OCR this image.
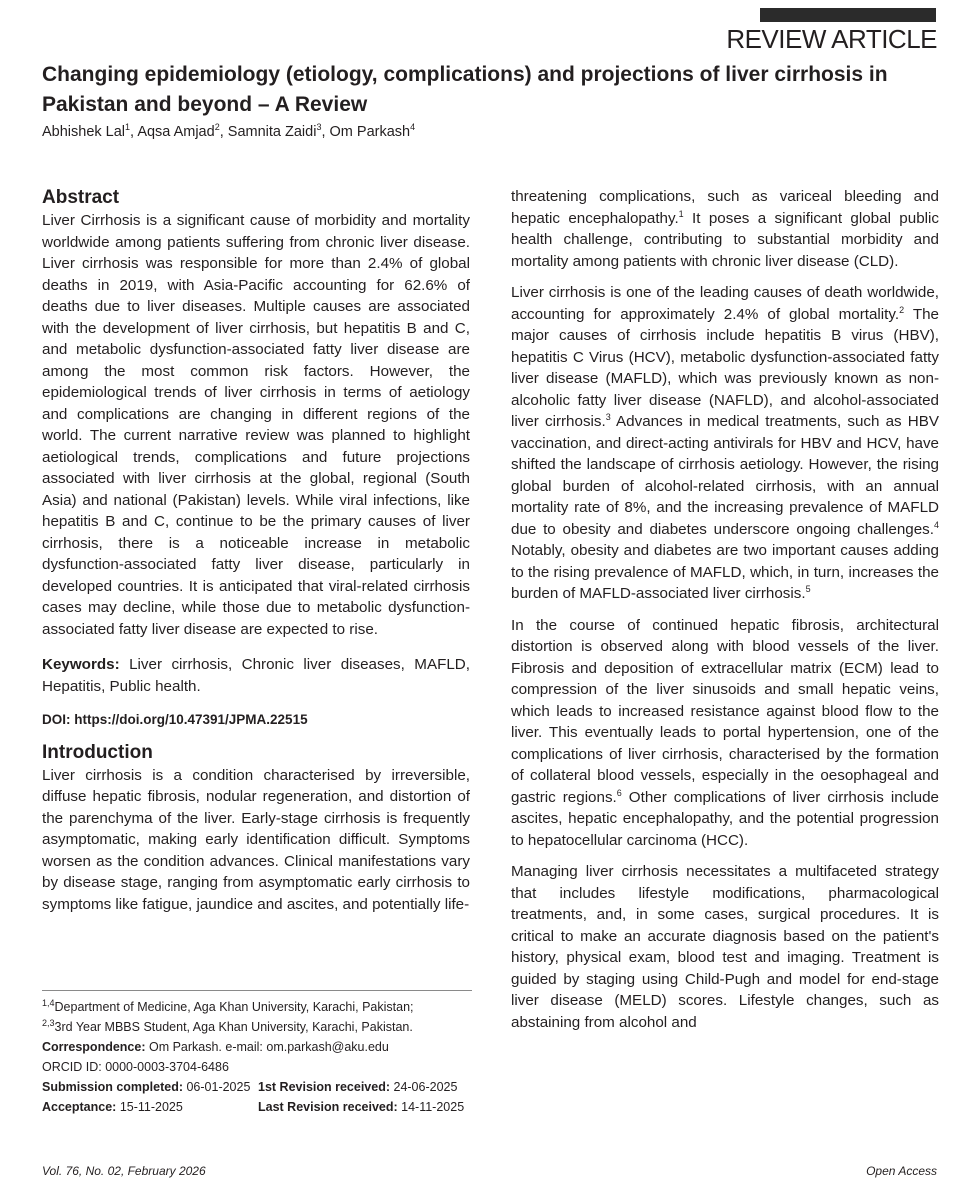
REVIEW ARTICLE
Changing epidemiology (etiology, complications) and projections of liver cirrhosis in Pakistan and beyond – A Review

Abhishek Lal$^1$, Aqsa Amjad$^2$, Samnita Zaidi$^3$, Om Parkash$^4$

Abstract

Liver Cirrhosis is a significant cause of morbidity and mortality worldwide among patients suffering from chronic liver disease. Liver cirrhosis was responsible for more than 2.4% of global deaths in 2019, with Asia-Pacific accounting for 62.6% of deaths due to liver diseases. Multiple causes are associated with the development of liver cirrhosis, but hepatitis B and C, and metabolic dysfunction-associated fatty liver disease are among the most common risk factors. However, the epidemiological trends of liver cirrhosis in terms of aetiology and complications are changing in different regions of the world. The current narrative review was planned to highlight aetiological trends, complications and future projections associated with liver cirrhosis at the global, regional (South Asia) and national (Pakistan) levels. While viral infections, like hepatitis B and C, continue to be the primary causes of liver cirrhosis, there is a noticeable increase in metabolic dysfunction-associated fatty liver disease, particularly in developed countries. It is anticipated that viral-related cirrhosis cases may decline, while those due to metabolic dysfunction-associated fatty liver disease are expected to rise.

Keywords: Liver cirrhosis, Chronic liver diseases, MAFLD, Hepatitis, Public health.

DOI: https://doi.org/10.47391/JPMA.22515

Introduction

Liver cirrhosis is a condition characterised by irreversible, diffuse hepatic fibrosis, nodular regeneration, and distortion of the parenchyma of the liver. Early-stage cirrhosis is frequently asymptomatic, making early identification difficult. Symptoms worsen as the condition advances. Clinical manifestations vary by disease stage, ranging from asymptomatic early cirrhosis to symptoms like fatigue, jaundice and ascites, and potentially life-

threatening complications, such as variceal bleeding and hepatic encephalopathy.$^1$ It poses a significant global public health challenge, contributing to substantial morbidity and mortality among patients with chronic liver disease (CLD).

Liver cirrhosis is one of the leading causes of death worldwide, accounting for approximately 2.4% of global mortality.$^2$ The major causes of cirrhosis include hepatitis B virus (HBV), hepatitis C Virus (HCV), metabolic dysfunction-associated fatty liver disease (MAFLD), which was previously known as non-alcoholic fatty liver disease (NAFLD), and alcohol-associated liver cirrhosis.$^3$ Advances in medical treatments, such as HBV vaccination, and direct-acting antivirals for HBV and HCV, have shifted the landscape of cirrhosis aetiology. However, the rising global burden of alcohol-related cirrhosis, with an annual mortality rate of 8%, and the increasing prevalence of MAFLD due to obesity and diabetes underscore ongoing challenges.$^4$ Notably, obesity and diabetes are two important causes adding to the rising prevalence of MAFLD, which, in turn, increases the burden of MAFLD-associated liver cirrhosis.$^5$

In the course of continued hepatic fibrosis, architectural distortion is observed along with blood vessels of the liver. Fibrosis and deposition of extracellular matrix (ECM) lead to compression of the liver sinusoids and small hepatic veins, which leads to increased resistance against blood flow to the liver. This eventually leads to portal hypertension, one of the complications of liver cirrhosis, characterised by the formation of collateral blood vessels, especially in the oesophageal and gastric regions.$^6$ Other complications of liver cirrhosis include ascites, hepatic encephalopathy, and the potential progression to hepatocellular carcinoma (HCC).

Managing liver cirrhosis necessitates a multifaceted strategy that includes lifestyle modifications, pharmacological treatments, and, in some cases, surgical procedures. It is critical to make an accurate diagnosis based on the patient's history, physical exam, blood test and imaging. Treatment is guided by staging using Child-Pugh and model for end-stage liver disease (MELD) scores. Lifestyle changes, such as abstaining from alcohol and

$^{1,4}$Department of Medicine, Aga Khan University, Karachi, Pakistan;
$^{2,3}$3rd Year MBBS Student, Aga Khan University, Karachi, Pakistan.
Correspondence: Om Parkash. e-mail: om.parkash@aku.edu
ORCID ID: 0000-0003-3704-6486
Submission completed: 06-01-2025 1st Revision received: 24-06-2025
Acceptance: 15-11-2025	Last Revision received: 14-11-2025
Vol. 76, No. 02, February 2026	Open Access
